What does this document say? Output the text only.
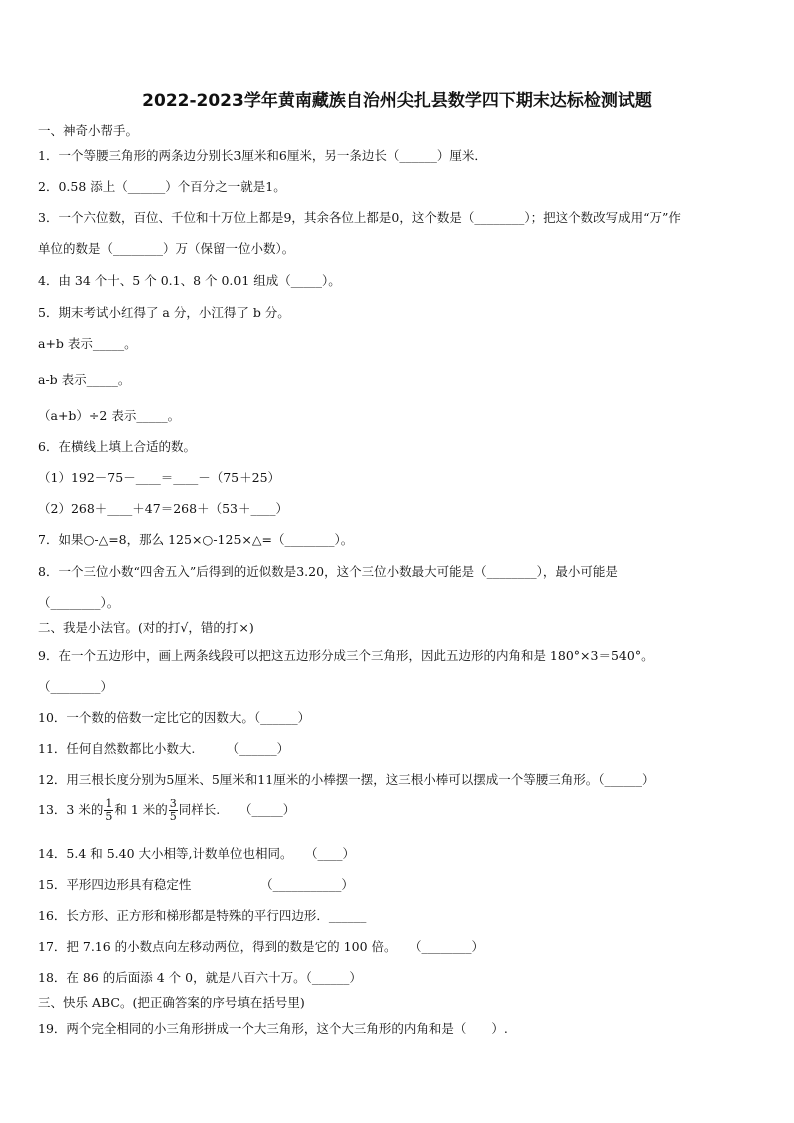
2022-2023学年黄南藏族自治州尖扎县数学四下期末达标检测试题
一、神奇小帮手。
1．一个等腰三角形的两条边分别长3厘米和6厘米，另一条边长（______）厘米．
2．0.58 添上（______）个百分之一就是1。
3．一个六位数，百位、千位和十万位上都是9，其余各位上都是0，这个数是（________）；把这个数改写成用“万”作
单位的数是（________）万（保留一位小数）。
4．由 34 个十、5 个 0.1、8 个 0.01 组成（_____）。
5．期末考试小红得了 a 分，小江得了 b 分。
a+b 表示_____。
a-b 表示_____。
（a+b）÷2 表示_____。
6．在横线上填上合适的数。
（1）192－75－____＝____－（75＋25）
（2）268＋____＋47＝268＋（53＋____）
7．如果○-△=8，那么 125×○-125×△=（________）。
8．一个三位小数“四舍五入”后得到的近似数是3.20，这个三位小数最大可能是（________），最小可能是
（________）。
二、我是小法官。(对的打√，错的打×)
9．在一个五边形中，画上两条线段可以把这五边形分成三个三角形，因此五边形的内角和是 180°×3＝540°。
（________）
10．一个数的倍数一定比它的因数大。（______）
11．任何自然数都比小数大.　　　（______）
12．用三根长度分别为5厘米、5厘米和11厘米的小棒摆一摆，这三根小棒可以摆成一个等腰三角形。（______）
13．3 米的 $\frac{1}{5}$ 和 1 米的 $\frac{3}{5}$ 同样长.　　（_____）
14．5.4 和 5.40 大小相等,计数单位也相同。　　（____）
15．平形四边形具有稳定性　　　　　　（___________）
16．长方形、正方形和梯形都是特殊的平行四边形．______
17．把 7.16 的小数点向左移动两位，得到的数是它的 100 倍。　　（________）
18．在 86 的后面添 4 个 0，就是八百六十万。（______）
三、快乐 ABC。(把正确答案的序号填在括号里)
19．两个完全相同的小三角形拼成一个大三角形，这个大三角形的内角和是（　　）.
